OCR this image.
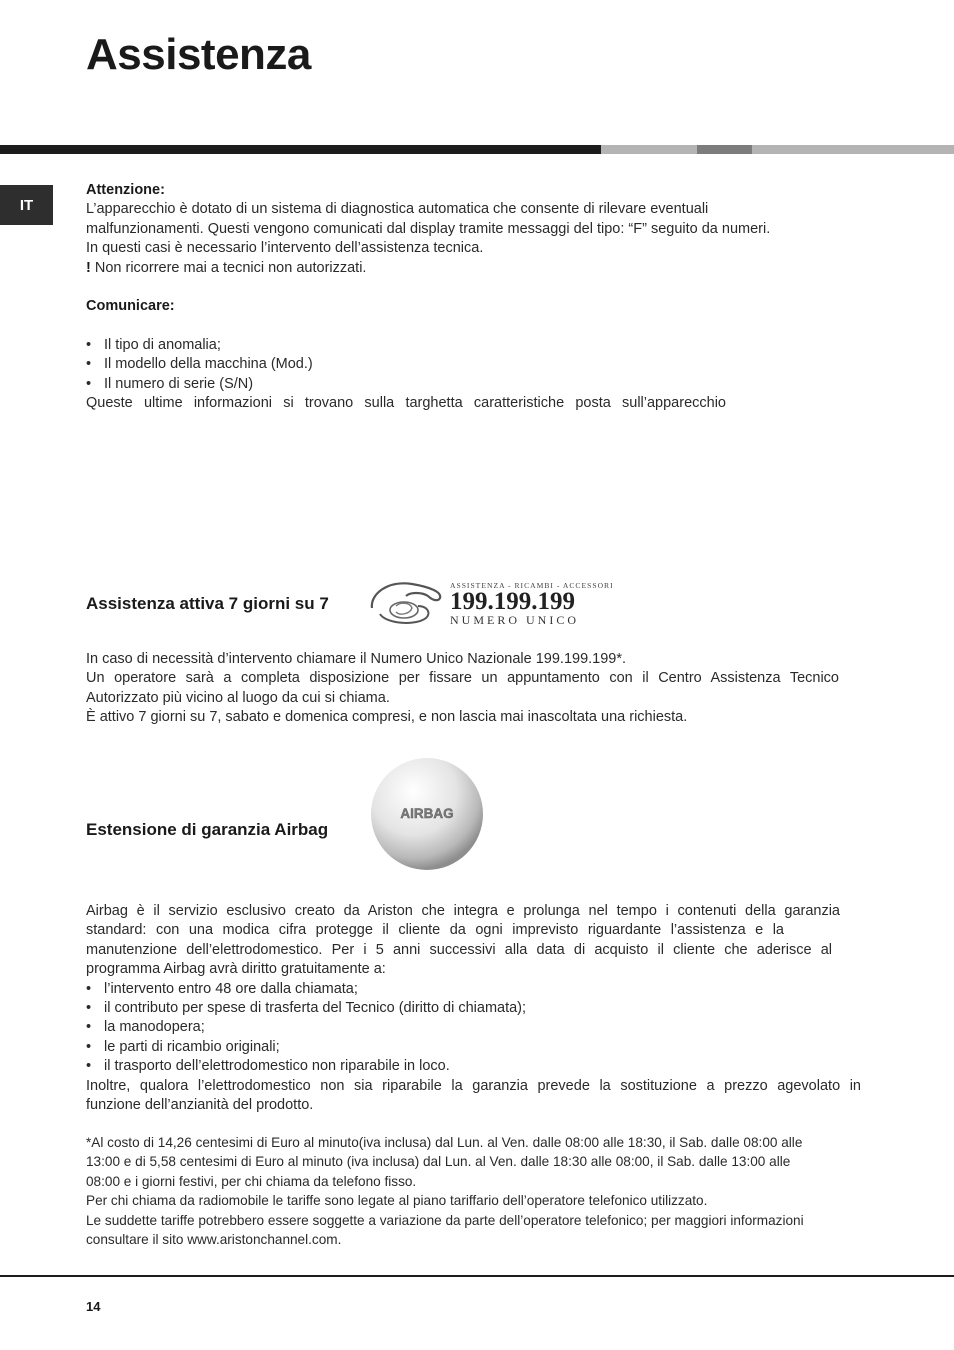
Assistenza
IT

Attenzione:

L’apparecchio è dotato di un sistema di diagnostica automatica che consente di rilevare eventuali

malfunzionamenti. Questi vengono comunicati dal display tramite messaggi del tipo: “F” seguito da numeri.

In questi casi è necessario l’intervento dell’assistenza tecnica.

! Non ricorrere mai a tecnici non autorizzati.

Comunicare:

• Il tipo di anomalia;

• Il modello della macchina (Mod.)

• Il numero di serie (S/N)

Queste ultime informazioni si trovano sulla targhetta caratteristiche posta sull’apparecchio

Assistenza attiva 7 giorni su 7
ASSISTENZA - RICAMBI - ACCESSORI
199.199.199
NUMERO UNICO

In caso di necessità d’intervento chiamare il Numero Unico Nazionale 199.199.199*.

Un operatore sarà a completa disposizione per fissare un appuntamento con il Centro Assistenza Tecnico

Autorizzato più vicino al luogo da cui si chiama.

È attivo 7 giorni su 7, sabato e domenica compresi, e non lascia mai inascoltata una richiesta.

Estensione di garanzia Airbag
AIRBAG

Airbag è il servizio esclusivo creato da Ariston che integra e prolunga nel tempo i contenuti della garanzia

standard: con una modica cifra protegge il cliente da ogni imprevisto riguardante l’assistenza e la

manutenzione dell’elettrodomestico. Per i 5 anni successivi alla data di acquisto il cliente che aderisce al

programma Airbag avrà diritto gratuitamente a:

• l’intervento entro 48 ore dalla chiamata;

• il contributo per spese di trasferta del Tecnico (diritto di chiamata);

• la manodopera;

• le parti di ricambio originali;

• il trasporto dell’elettrodomestico non riparabile in loco.

Inoltre, qualora l’elettrodomestico non sia riparabile la garanzia prevede la sostituzione a prezzo agevolato in

funzione dell’anzianità del prodotto.

*Al costo di 14,26 centesimi di Euro al minuto(iva inclusa) dal Lun. al Ven. dalle 08:00 alle 18:30, il Sab. dalle 08:00 alle

13:00 e di 5,58 centesimi di Euro al minuto (iva inclusa) dal Lun. al Ven. dalle 18:30 alle 08:00, il Sab. dalle 13:00 alle

08:00 e i giorni festivi, per chi chiama da telefono fisso.

Per chi chiama da radiomobile le tariffe sono legate al piano tariffario dell’operatore telefonico utilizzato.

Le suddette tariffe potrebbero essere soggette a variazione da parte dell’operatore telefonico; per maggiori informazioni

consultare il sito www.aristonchannel.com.

14
